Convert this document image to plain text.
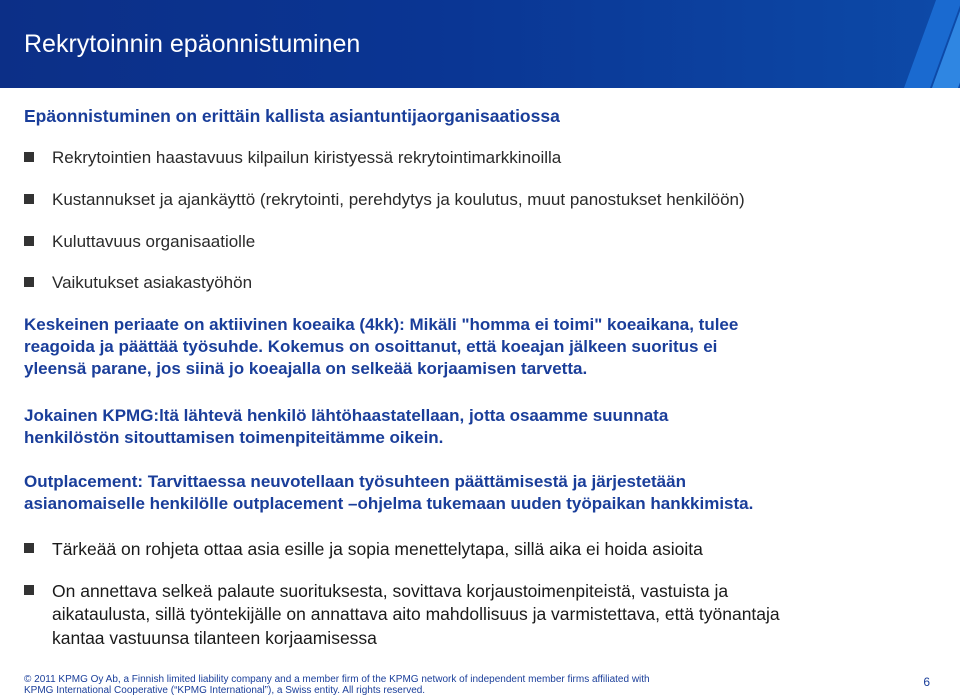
Rekrytoinnin epäonnistuminen
Epäonnistuminen on erittäin kallista asiantuntijaorganisaatiossa
Rekrytointien haastavuus kilpailun kiristyessä rekrytointimarkkinoilla
Kustannukset ja ajankäyttö (rekrytointi, perehdytys ja koulutus, muut panostukset henkilöön)
Kuluttavuus organisaatiolle
Vaikutukset asiakastyöhön
Keskeinen periaate on aktiivinen koeaika (4kk): Mikäli "homma ei toimi" koeaikana, tulee
reagoida ja päättää työsuhde. Kokemus on osoittanut, että koeajan jälkeen suoritus ei
yleensä parane, jos siinä jo koeajalla on selkeää korjaamisen tarvetta.
Jokainen KPMG:ltä lähtevä henkilö lähtöhaastatellaan, jotta osaamme suunnata
henkilöstön sitouttamisen toimenpiteitämme oikein.
Outplacement: Tarvittaessa neuvotellaan työsuhteen päättämisestä ja järjestetään
asianomaiselle henkilölle outplacement –ohjelma tukemaan uuden työpaikan hankkimista.
Tärkeää on rohjeta ottaa asia esille ja sopia menettelytapa, sillä aika ei hoida asioita
On annettava selkeä palaute suorituksesta, sovittava korjaustoimenpiteistä, vastuista ja
aikataulusta, sillä työntekijälle on annattava aito mahdollisuus ja varmistettava, että työnantaja
kantaa vastuunsa tilanteen korjaamisessa
© 2011 KPMG Oy Ab, a Finnish limited liability company and a member firm of the KPMG network of independent member firms affiliated with
KPMG International Cooperative (“KPMG International”), a Swiss entity. All rights reserved.
6
